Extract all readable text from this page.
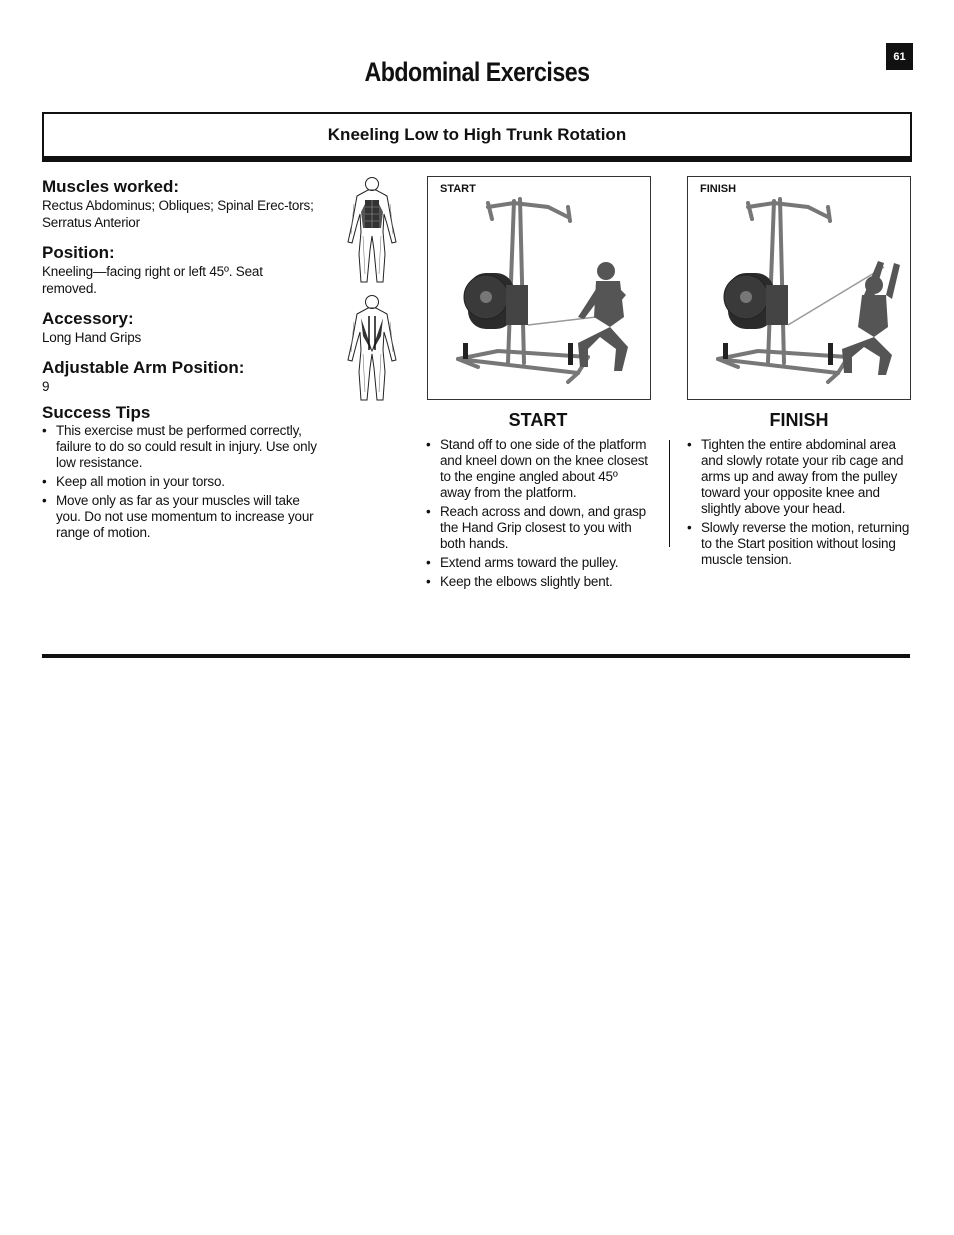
61
Abdominal Exercises
Kneeling Low to High Trunk Rotation

Muscles worked:

Rectus Abdominus; Obliques; Spinal Erec-tors; Serratus Anterior

Position:

Kneeling—facing right or left 45º. Seat removed.

Accessory:

Long Hand Grips

Adjustable Arm Position:

9

Success Tips

• This exercise must be performed correctly, failure to do so could result in injury. Use only low resistance.
• Keep all motion in your torso.
• Move only as far as your muscles will take you. Do not use momentum to increase your range of motion.
START	FINISH
START	FINISH
• Stand off to one side of the platform and kneel down on the knee closest to the engine angled about 45º away from the platform.
• Reach across and down, and grasp the Hand Grip closest to you with both hands.
• Extend arms toward the pulley.
• Keep the elbows slightly bent.
• Tighten the entire abdominal area and slowly rotate your rib cage and arms up and away from the pulley toward your opposite knee and slightly above your head.
• Slowly reverse the motion, returning to the Start position without losing muscle tension.
